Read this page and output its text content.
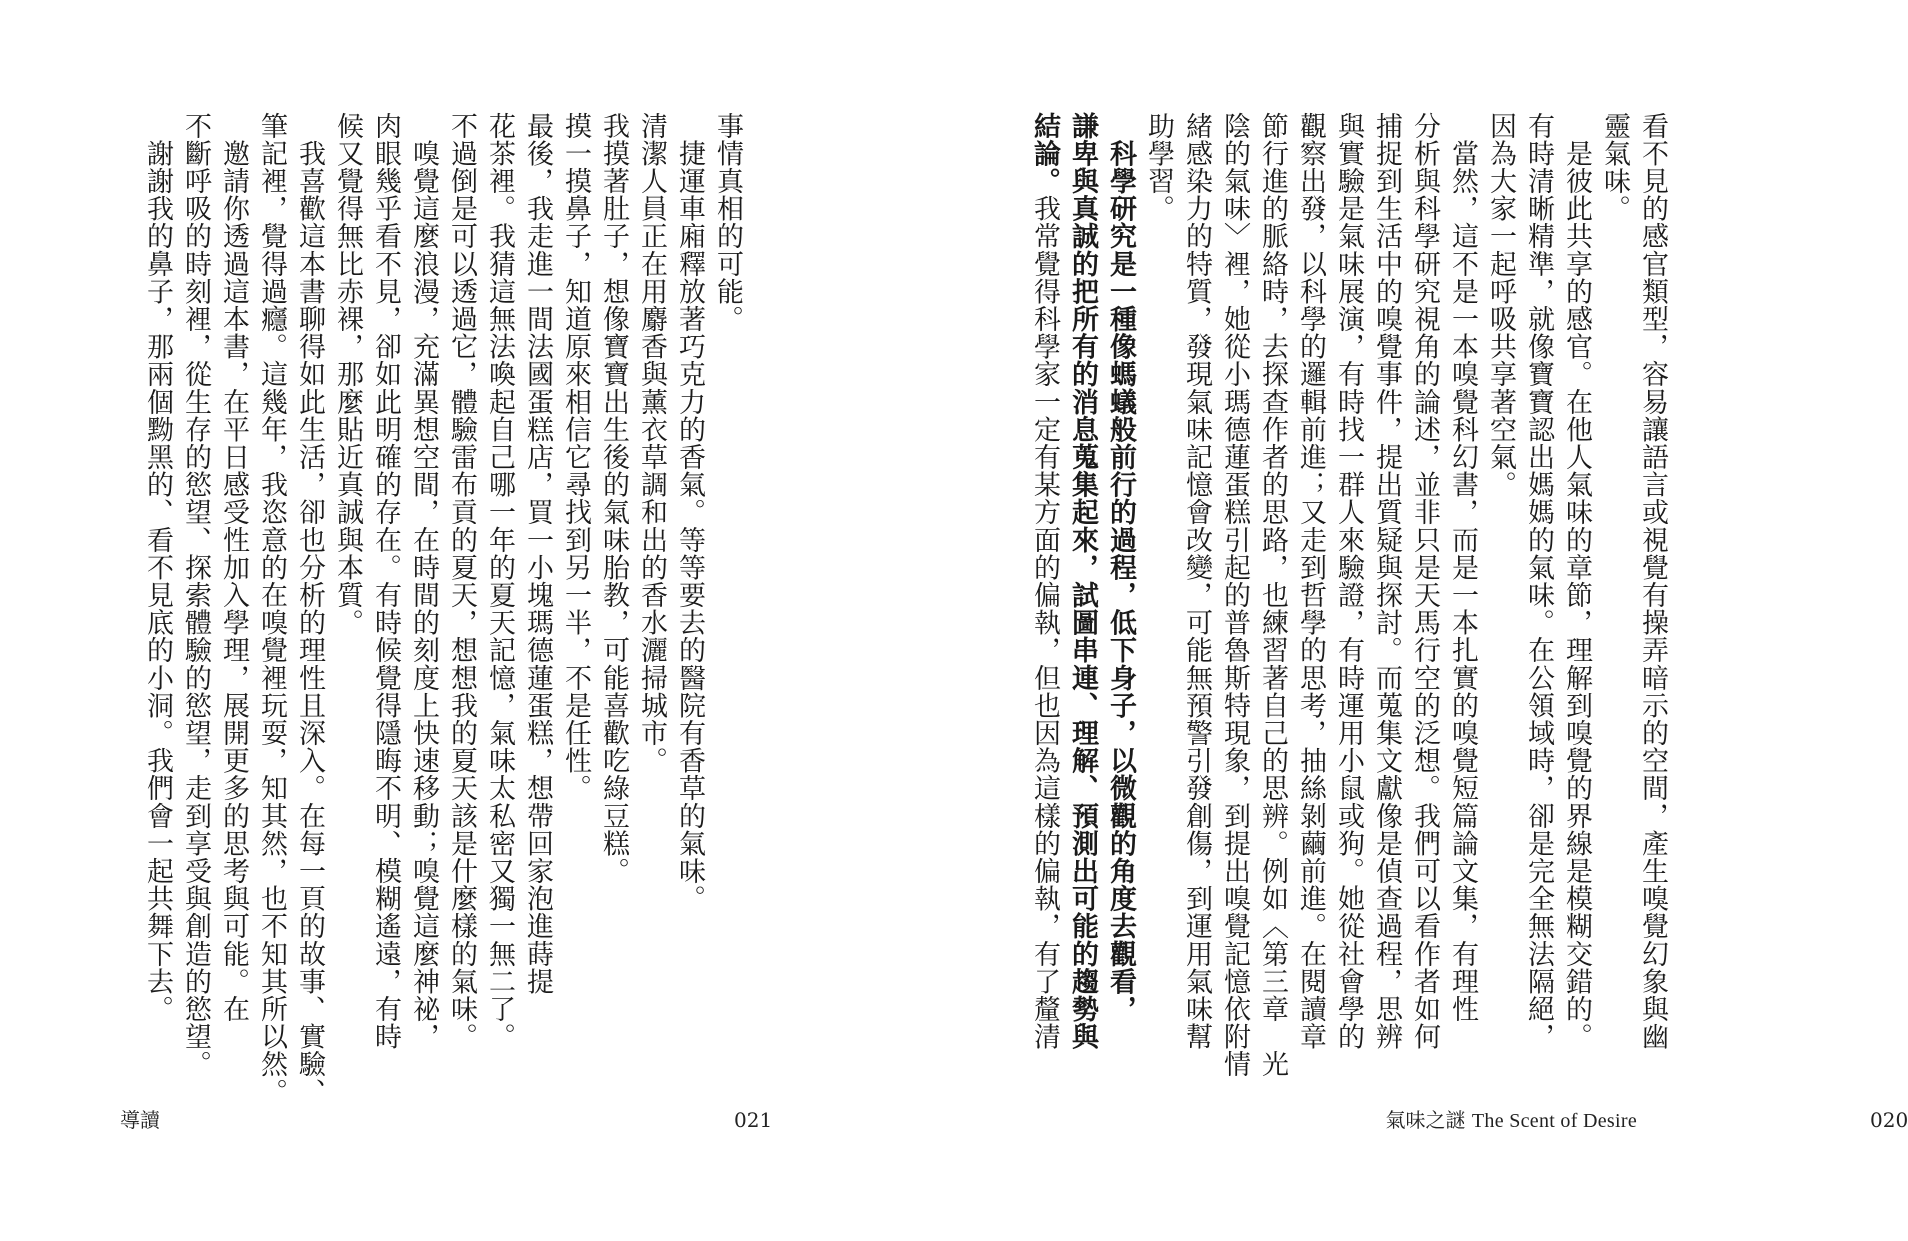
事情真相的可能。
　捷運車廂釋放著巧克力的香氣。等等要去的醫院有香草的氣味。
清潔人員正在用麝香與薰衣草調和出的香水灑掃城市。
我摸著肚子，想像寶寶出生後的氣味胎教，可能喜歡吃綠豆糕。
摸一摸鼻子，知道原來相信它尋找到另一半，不是任性。
最後，我走進一間法國蛋糕店，買一小塊瑪德蓮蛋糕，想帶回家泡進蒔提
花茶裡。我猜這無法喚起自己哪一年的夏天記憶，氣味太私密又獨一無二了。
不過倒是可以透過它，體驗雷布貢的夏天，想想我的夏天該是什麼樣的氣味。
　嗅覺這麼浪漫，充滿異想空間，在時間的刻度上快速移動；嗅覺這麼神祕，
肉眼幾乎看不見，卻如此明確的存在。有時候覺得隱晦不明、模糊遙遠，有時
候又覺得無比赤裸，那麼貼近真誠與本質。
　我喜歡這本書聊得如此生活，卻也分析的理性且深入。在每一頁的故事、實驗、
筆記裡，覺得過癮。這幾年，我恣意的在嗅覺裡玩耍，知其然，也不知其所以然。
　邀請你透過這本書，在平日感受性加入學理，展開更多的思考與可能。在
不斷呼吸的時刻裡，從生存的慾望、探索體驗的慾望，走到享受與創造的慾望。
　謝謝我的鼻子，那兩個黝黑的、看不見底的小洞。我們會一起共舞下去。
導讀	021
看不見的感官類型，容易讓語言或視覺有操弄暗示的空間，產生嗅覺幻象與幽
靈氣味。
　是彼此共享的感官。在他人氣味的章節，理解到嗅覺的界線是模糊交錯的。
有時清晰精準，就像寶寶認出媽媽的氣味。在公領域時，卻是完全無法隔絕，
因為大家一起呼吸共享著空氣。
　當然，這不是一本嗅覺科幻書，而是一本扎實的嗅覺短篇論文集，有理性
分析與科學研究視角的論述，並非只是天馬行空的泛想。我們可以看作者如何
捕捉到生活中的嗅覺事件，提出質疑與探討。而蒐集文獻像是偵查過程，思辨
與實驗是氣味展演，有時找一群人來驗證，有時運用小鼠或狗。她從社會學的
觀察出發，以科學的邏輯前進；又走到哲學的思考，抽絲剝繭前進。在閱讀章
節行進的脈絡時，去探查作者的思路，也練習著自己的思辨。例如〈第三章　光
陰的氣味〉裡，她從小瑪德蓮蛋糕引起的普魯斯特現象，到提出嗅覺記憶依附情
緒感染力的特質，發現氣味記憶會改變，可能無預警引發創傷，到運用氣味幫
助學習。
　科學研究是一種像螞蟻般前行的過程，低下身子，以微觀的角度去觀看，
謙卑與真誠的把所有的消息蒐集起來，試圖串連、理解、預測出可能的趨勢與
結論。我常覺得科學家一定有某方面的偏執，但也因為這樣的偏執，有了釐清
020
氣味之謎 The Scent of Desire
